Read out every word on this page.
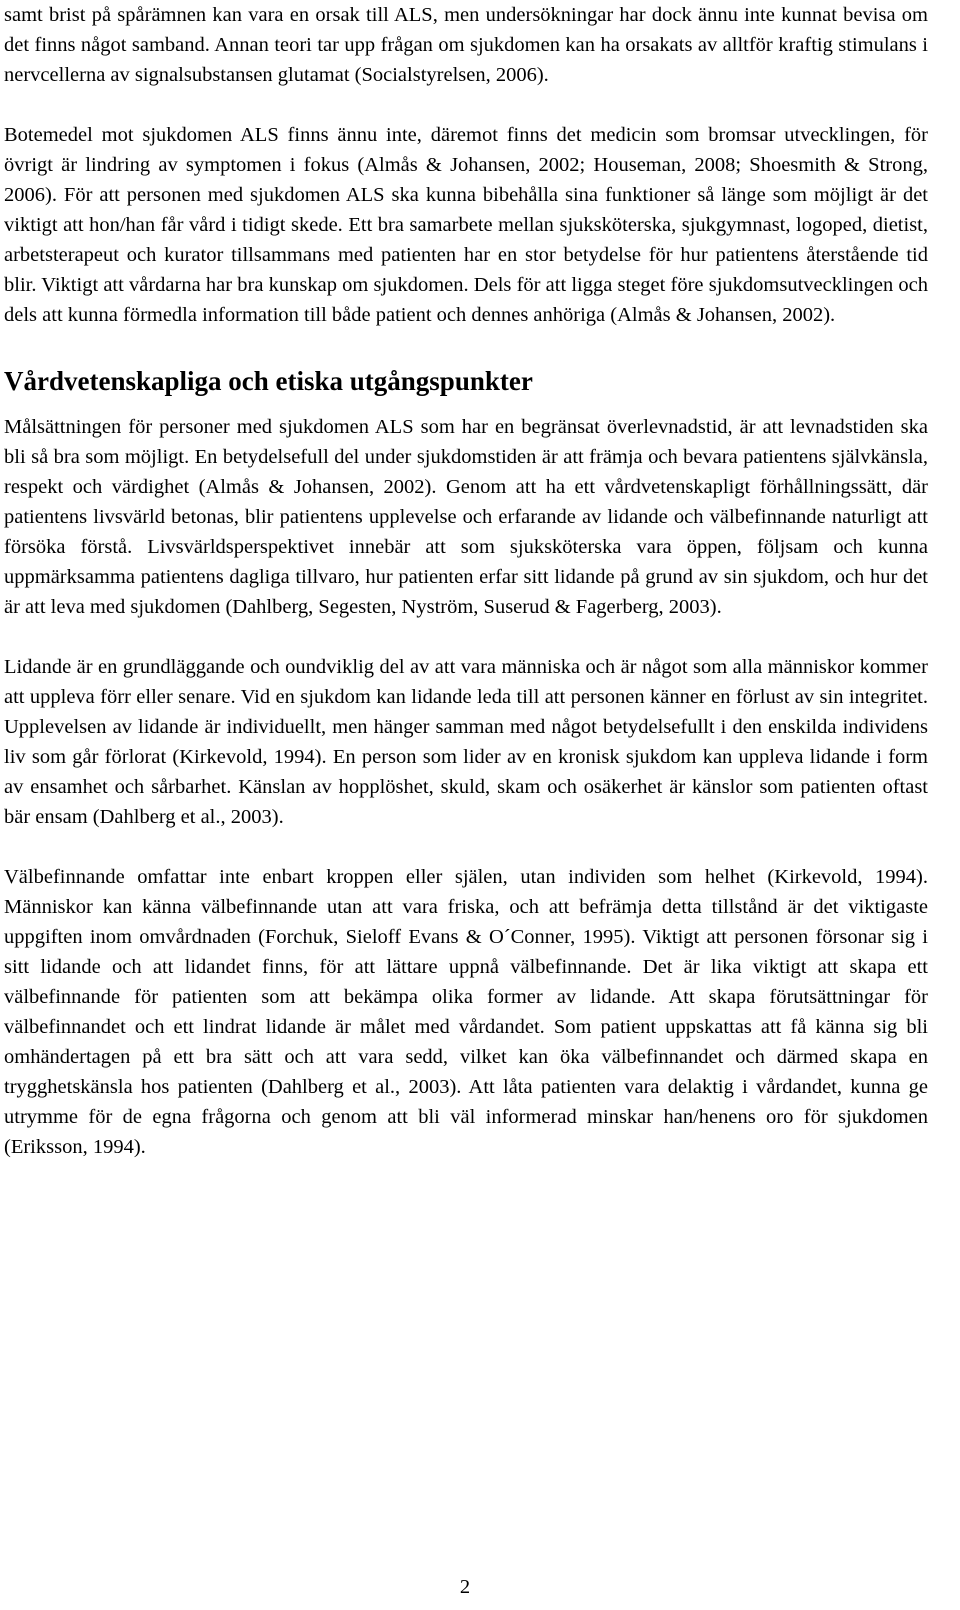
samt brist på spårämnen kan vara en orsak till ALS, men undersökningar har dock ännu inte kunnat bevisa om det finns något samband. Annan teori tar upp frågan om sjukdomen kan ha orsakats av alltför kraftig stimulans i nervcellerna av signalsubstansen glutamat (Socialstyrelsen, 2006).

Botemedel mot sjukdomen ALS finns ännu inte, däremot finns det medicin som bromsar utvecklingen, för övrigt är lindring av symptomen i fokus (Almås & Johansen, 2002; Houseman, 2008; Shoesmith & Strong, 2006). För att personen med sjukdomen ALS ska kunna bibehålla sina funktioner så länge som möjligt är det viktigt att hon/han får vård i tidigt skede. Ett bra samarbete mellan sjuksköterska, sjukgymnast, logoped, dietist, arbetsterapeut och kurator tillsammans med patienten har en stor betydelse för hur patientens återstående tid blir. Viktigt att vårdarna har bra kunskap om sjukdomen. Dels för att ligga steget före sjukdomsutvecklingen och dels att kunna förmedla information till både patient och dennes anhöriga (Almås & Johansen, 2002).

Vårdvetenskapliga och etiska utgångspunkter

Målsättningen för personer med sjukdomen ALS som har en begränsat överlevnadstid, är att levnadstiden ska bli så bra som möjligt. En betydelsefull del under sjukdomstiden är att främja och bevara patientens självkänsla, respekt och värdighet (Almås & Johansen, 2002). Genom att ha ett vårdvetenskapligt förhållningssätt, där patientens livsvärld betonas, blir patientens upplevelse och erfarande av lidande och välbefinnande naturligt att försöka förstå. Livsvärldsperspektivet innebär att som sjuksköterska vara öppen, följsam och kunna uppmärksamma patientens dagliga tillvaro, hur patienten erfar sitt lidande på grund av sin sjukdom, och hur det är att leva med sjukdomen (Dahlberg, Segesten, Nyström, Suserud & Fagerberg, 2003).

Lidande är en grundläggande och oundviklig del av att vara människa och är något som alla människor kommer att uppleva förr eller senare. Vid en sjukdom kan lidande leda till att personen känner en förlust av sin integritet. Upplevelsen av lidande är individuellt, men hänger samman med något betydelsefullt i den enskilda individens liv som går förlorat (Kirkevold, 1994). En person som lider av en kronisk sjukdom kan uppleva lidande i form av ensamhet och sårbarhet. Känslan av hopplöshet, skuld, skam och osäkerhet är känslor som patienten oftast bär ensam (Dahlberg et al., 2003).

Välbefinnande omfattar inte enbart kroppen eller själen, utan individen som helhet (Kirkevold, 1994). Människor kan känna välbefinnande utan att vara friska, och att befrämja detta tillstånd är det viktigaste uppgiften inom omvårdnaden (Forchuk, Sieloff Evans & O´Conner, 1995). Viktigt att personen försonar sig i sitt lidande och att lidandet finns, för att lättare uppnå välbefinnande. Det är lika viktigt att skapa ett välbefinnande för patienten som att bekämpa olika former av lidande. Att skapa förutsättningar för välbefinnandet och ett lindrat lidande är målet med vårdandet. Som patient uppskattas att få känna sig bli omhändertagen på ett bra sätt och att vara sedd, vilket kan öka välbefinnandet och därmed skapa en trygghetskänsla hos patienten (Dahlberg et al., 2003). Att låta patienten vara delaktig i vårdandet, kunna ge utrymme för de egna frågorna och genom att bli väl informerad minskar han/henens oro för sjukdomen (Eriksson, 1994).

2
